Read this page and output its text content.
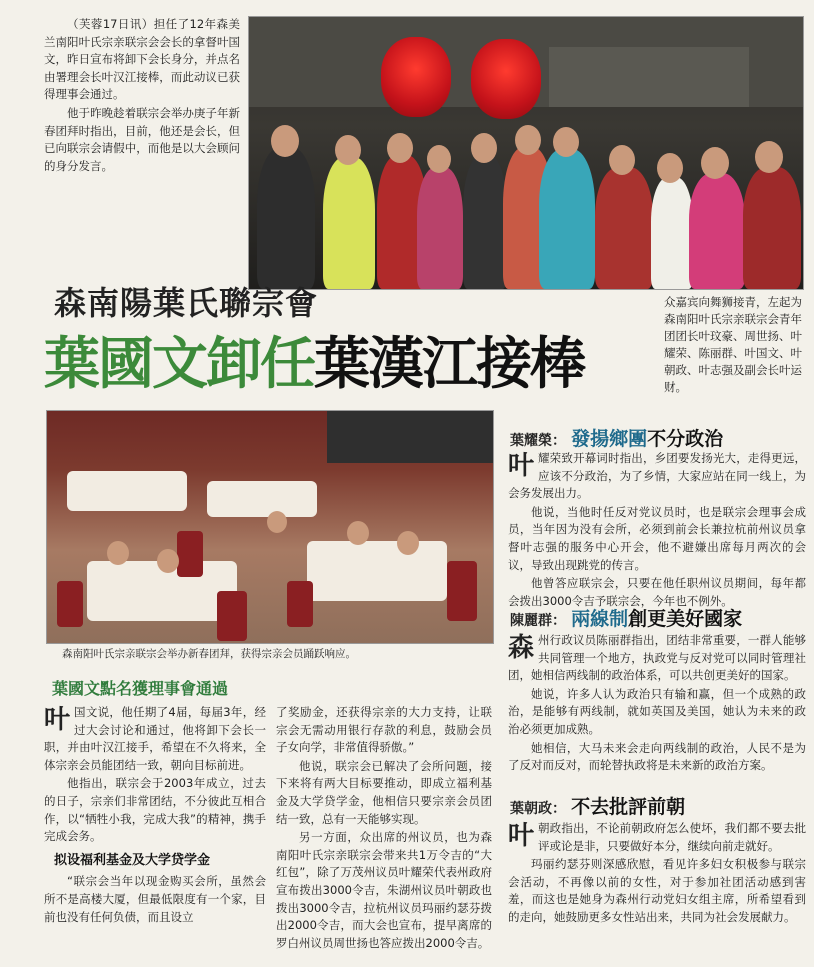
（芙蓉17日讯）担任了12年森美兰南阳叶氏宗亲联宗会会长的拿督叶国文，昨日宣布将卸下会长身分，并点名由署理会长叶汉江接棒，而此动议已获得理事会通过。

他于昨晚趁着联宗会举办庚子年新春团拜时指出，目前，他还是会长，但已向联宗会请假中，而他是以大会顾问的身分发言。

森南陽葉氏聯宗會
葉國文卸任葉漢江接棒
众嘉宾向舞狮接青，左起为森南阳叶氏宗亲联宗会青年团团长叶玟豪、周世扬、叶耀荣、陈丽群、叶国文、叶朝政、叶志强及副会长叶运财。
森南阳叶氏宗亲联宗会举办新春团拜，获得宗亲会员踊跃响应。
葉國文點名獲理事會通過

叶国文说，他任期了4届，每届3年，经过大会讨论和通过，他将卸下会长一职，并由叶汉江接手，希望在不久将来，全体宗亲会员能团结一致，朝向目标前进。

他指出，联宗会于2003年成立，过去的日子，宗亲们非常团结，不分彼此互相合作，以“牺牲小我，完成大我”的精神，携手完成会务。

拟设福利基金及大学贷学金

“联宗会当年以现金购买会所，虽然会所不是高楼大厦，但最低限度有一个家，目前也没有任何负债，而且设立

了奖励金，还获得宗亲的大力支持，让联宗会无需动用银行存款的利息，鼓励会员子女向学，非常值得骄傲。”

他说，联宗会已解决了会所问题，接下来将有两大目标要推动，即成立福利基金及大学贷学金，他相信只要宗亲会员团结一致，总有一天能够实现。

另一方面，众出席的州议员，也为森南阳叶氏宗亲联宗会带来共1万令吉的“大红包”，除了万茂州议员叶耀荣代表州政府宣布拨出3000令吉，朱湖州议员叶朝政也拨出3000令吉，拉杭州议员玛丽约瑟芬拨出2000令吉，而大会也宣布，提早离席的罗白州议员周世扬也答应拨出2000令吉。

葉耀榮： 發揚鄉團不分政治

叶耀荣致开幕词时指出，乡团要发扬光大，走得更远，应该不分政治，为了乡情，大家应站在同一线上，为会务发展出力。

他说，当他时任反对党议员时，也是联宗会理事会成员，当年因为没有会所，必须到前会长兼拉杭前州议员拿督叶志强的服务中心开会，他不避嫌出席每月两次的会议，导致出现跳党的传言。

他曾答应联宗会，只要在他任职州议员期间，每年都会拨出3000令吉予联宗会，今年也不例外。

陳麗群： 兩線制創更美好國家

森州行政议员陈丽群指出，团结非常重要，一群人能够共同管理一个地方，执政党与反对党可以同时管理社团，她相信两线制的政治体系，可以共创更美好的国家。

她说，许多人认为政治只有输和赢，但一个成熟的政治，是能够有两线制，就如英国及美国，她认为未来的政治必须更加成熟。

她相信，大马未来会走向两线制的政治，人民不是为了反对而反对，而轮替执政将是未来新的政治方案。

葉朝政： 不去批評前朝

叶朝政指出，不论前朝政府怎么使坏，我们都不要去批评或论是非，只要做好本分，继续向前走就好。

玛丽约瑟芬则深感欣慰，看见许多妇女积极参与联宗会活动，不再像以前的女性，对于参加社团活动感到害羞，而这也是她身为森州行动党妇女组主席，所希望看到的走向，她鼓励更多女性站出来，共同为社会发展献力。
